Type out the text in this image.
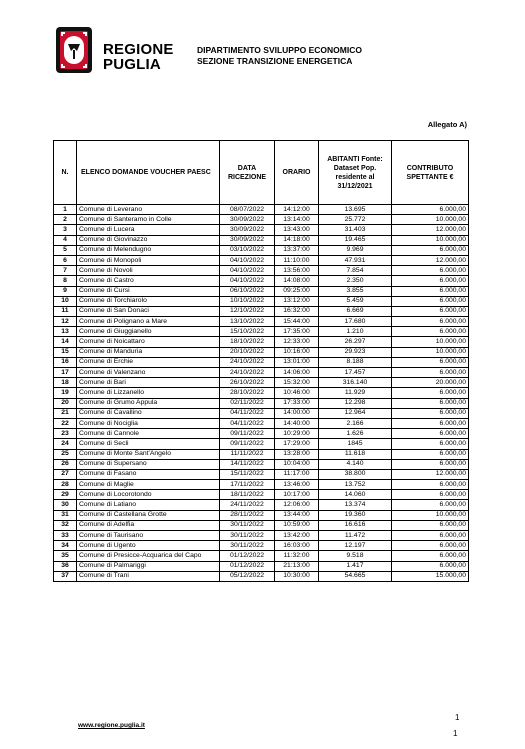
REGIONE
PUGLIA
DIPARTIMENTO SVILUPPO ECONOMICO
SEZIONE TRANSIZIONE ENERGETICA
Allegato A)
N.	ELENCO DOMANDE VOUCHER PAESC	DATA RICEZIONE	ORARIO	ABITANTI Fonte: Dataset Pop. residente al 31/12/2021	CONTRIBUTO SPETTANTE €
1	Comune di Leverano	08/07/2022	14:12:00	13.695	6.000,00
2	Comune di Santeramo in Colle	30/09/2022	13:14:00	25.772	10.000,00
3	Comune di Lucera	30/09/2022	13:43:00	31.403	12.000,00
4	Comune di Giovinazzo	30/09/2022	14:18:00	19.465	10.000,00
5	Comune di Melendugno	03/10/2022	13:37:00	9.969	6.000,00
6	Comune di Monopoli	04/10/2022	11:10:00	47.931	12.000,00
7	Comune di Novoli	04/10/2022	13:56:00	7.854	6.000,00
8	Comune di Castro	04/10/2022	14:08:00	2.350	6.000,00
9	Comune di Cursi	06/10/2022	09:25:00	3.855	6.000,00
10	Comune di Torchiarolo	10/10/2022	13:12:00	5.459	6.000,00
11	Comune di San Donaci	12/10/2022	16:32:00	6.669	6.000,00
12	Comune di Polignano a Mare	13/10/2022	15:44:00	17.680	6.000,00
13	Comune di Giuggianello	15/10/2022	17:35:00	1.210	6.000,00
14	Comune di Noicattaro	18/10/2022	12:33:00	26.297	10.000,00
15	Comune di Manduria	20/10/2022	10:16:00	29.923	10.000,00
16	Comune di Erchie	24/10/2022	13:01:00	8.188	6.000,00
17	Comune di Valenzano	24/10/2022	14:06:00	17.457	6.000,00
18	Comune di Bari	26/10/2022	15:32:00	316.140	20.000,00
19	Comune di Lizzanello	28/10/2022	10:46:00	11.929	6.000,00
20	Comune di Grumo Appula	02/11/2022	17:33:00	12.298	6.000,00
21	Comune di Cavallino	04/11/2022	14:00:00	12.964	6.000,00
22	Comune di Nociglia	04/11/2022	14:40:00	2.166	6.000,00
23	Comune di Cannole	09/11/2022	10:29:00	1.626	6.000,00
24	Comune di Secli	09/11/2022	17:29:00	1845	6.000,00
25	Comune di Monte Sant'Angelo	11/11/2022	13:28:00	11.618	6.000,00
26	Comune di Supersano	14/11/2022	10:04:00	4.140	6.000,00
27	Comune di Fasano	15/11/2022	11:17:00	38.800	12.000,00
28	Comune di Maglie	17/11/2022	13:46:00	13.752	6.000,00
29	Comune di Locorotondo	18/11/2022	10:17:00	14.060	6.000,00
30	Comune di Latiano	24/11/2022	12:06:00	13.374	6.000,00
31	Comune di Castellana Grotte	28/11/2022	13:44:00	19.360	10.000,00
32	Comune di Adelfia	30/11/2022	10:59:00	16.616	6.000,00
33	Comune di Taurisano	30/11/2022	13:42:00	11.472	6.000,00
34	Comune di Ugento	30/11/2022	16:03:00	12.197	6.000,00
35	Comune di Presicce-Acquarica del Capo	01/12/2022	11:32:00	9.518	6.000,00
36	Comune di Palmariggi	01/12/2022	21:13:00	1.417	6.000,00
37	Comune di Trani	05/12/2022	10:30:00	54.665	15.000,00
www.regione.puglia.it
1
1
